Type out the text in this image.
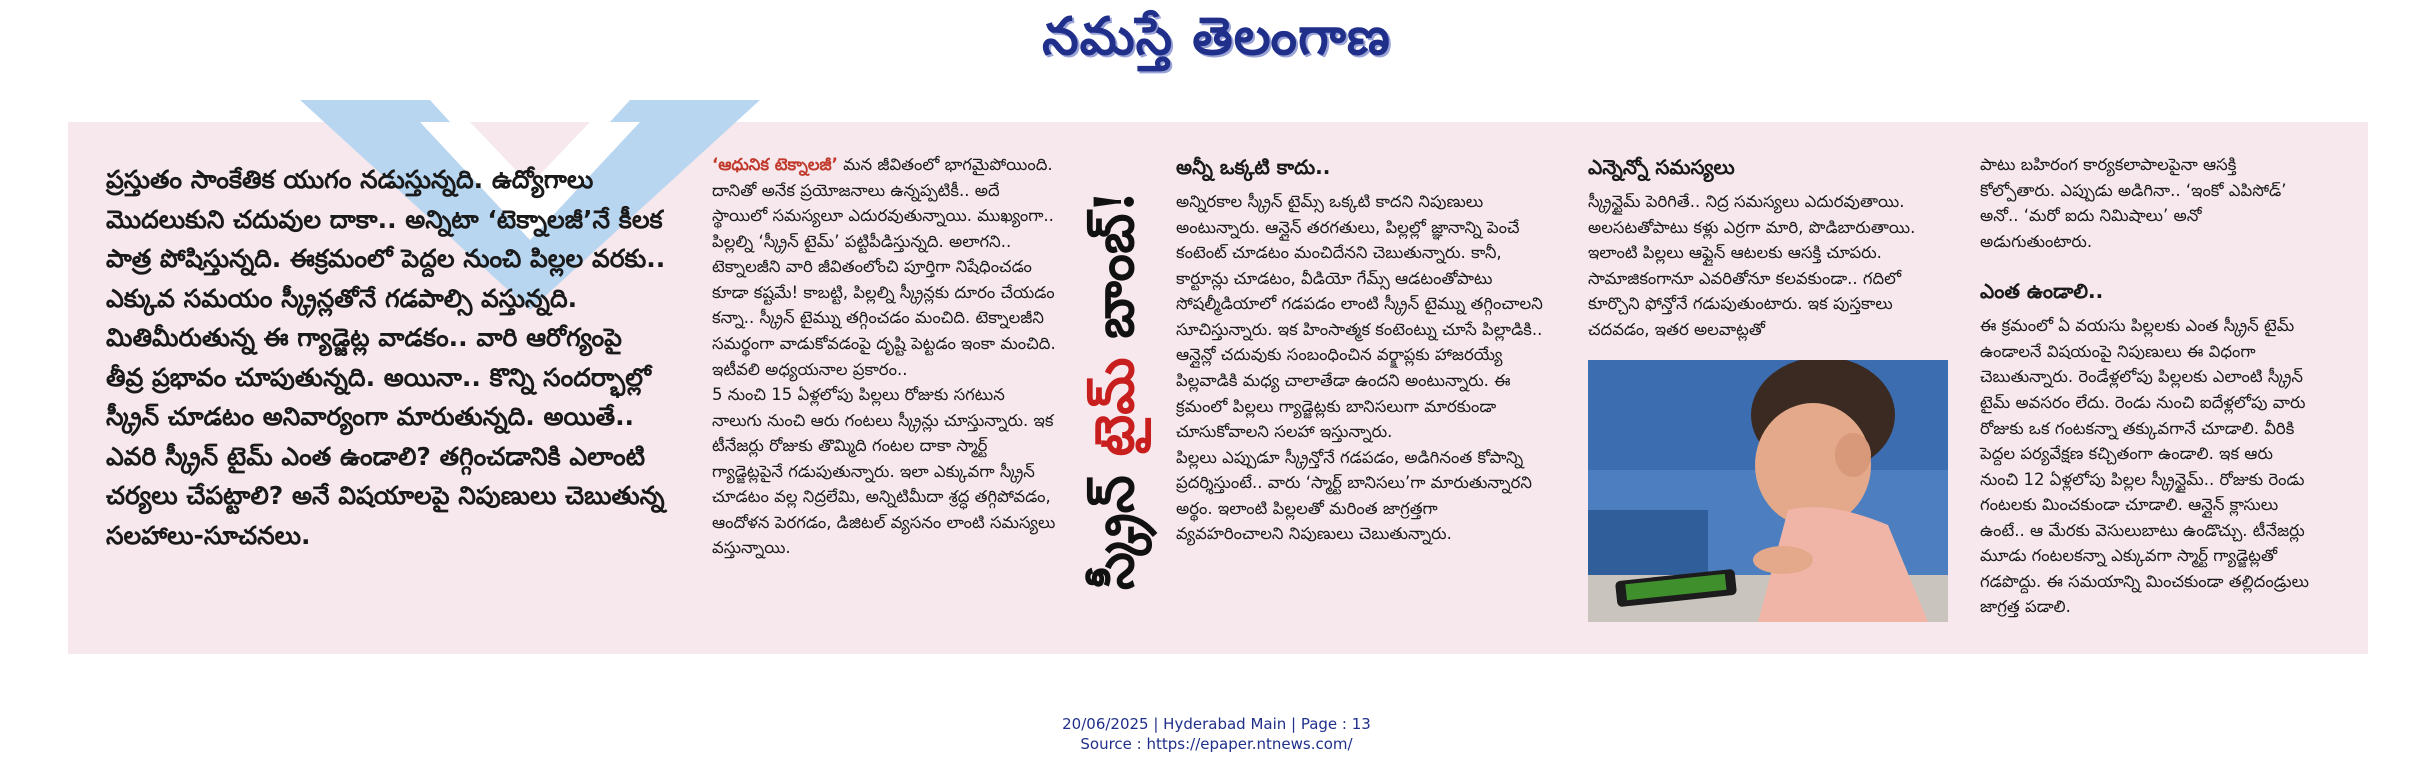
నమస్తే తెలంగాణ
ప్రస్తుతం సాంకేతిక యుగం నడుస్తున్నది. ఉద్యోగాలు మొదలుకుని చదువుల దాకా.. అన్నిటా ‘టెక్నాలజీ’నే కీలక పాత్ర పోషిస్తున్నది. ఈక్రమంలో పెద్దల నుంచి పిల్లల వరకు.. ఎక్కువ సమయం స్క్రీన్లతోనే గడపాల్సి వస్తున్నది. మితిమీరుతున్న ఈ గ్యాడ్జెట్ల వాడకం.. వారి ఆరోగ్యంపై తీవ్ర ప్రభావం చూపుతున్నది. అయినా.. కొన్ని సందర్భాల్లో స్క్రీన్ చూడటం అనివార్యంగా మారుతున్నది. అయితే.. ఎవరి స్క్రీన్ టైమ్ ఎంత ఉండాలి? తగ్గించడానికి ఎలాంటి చర్యలు చేపట్టాలి? అనే విషయాలపై నిపుణులు చెబుతున్న సలహాలు-సూచనలు.

‘ఆధునిక టెక్నాలజీ’ మన జీవితంలో భాగమైపోయింది. దానితో అనేక ప్రయోజనాలు ఉన్నప్పటికీ.. అదే స్థాయిలో సమస్యలూ ఎదురవుతున్నాయి. ముఖ్యంగా.. పిల్లల్ని ‘స్క్రీన్ టైమ్’ పట్టిపీడిస్తున్నది. అలాగని.. టెక్నాలజీని వారి జీవితంలోంచి పూర్తిగా నిషేధించడం కూడా కష్టమే! కాబట్టి, పిల్లల్ని స్క్రీన్లకు దూరం చేయడం కన్నా.. స్క్రీన్ టైమ్ను తగ్గించడం మంచిది. టెక్నాలజీని సమర్థంగా వాడుకోవడంపై దృష్టి పెట్టడం ఇంకా మంచిది. ఇటీవలి అధ్యయనాల ప్రకారం..

5 నుంచి 15 ఏళ్లలోపు పిల్లలు రోజుకు సగటున నాలుగు నుంచి ఆరు గంటలు స్క్రీన్లు చూస్తున్నారు. ఇక టీనేజర్లు రోజుకు తొమ్మిది గంటల దాకా స్మార్ట్ గ్యాడ్జెట్లపైనే గడుపుతున్నారు. ఇలా ఎక్కువగా స్క్రీన్ చూడటం వల్ల నిద్రలేమి, అన్నిటిమీదా శ్రద్ధ తగ్గిపోవడం, ఆందోళన పెరగడం, డిజిటల్ వ్యసనం లాంటి సమస్యలు వస్తున్నాయి.	స్క్రీన్ టైమ్ బాంబ్!
అన్నీ ఒక్కటి కాదు..

అన్నిరకాల స్క్రీన్ టైమ్స్ ఒక్కటి కాదని నిపుణులు అంటున్నారు. ఆన్లైన్ తరగతులు, పిల్లల్లో జ్ఞానాన్ని పెంచే కంటెంట్ చూడటం మంచిదేనని చెబుతున్నారు. కానీ, కార్టూన్లు చూడటం, వీడియో గేమ్స్ ఆడటంతోపాటు సోషల్మీడియాలో గడపడం లాంటి స్క్రీన్ టైమ్ను తగ్గించాలని సూచిస్తున్నారు. ఇక హింసాత్మక కంటెంట్ను చూసే పిల్లాడికి.. ఆన్లైన్లో చదువుకు సంబంధించిన వర్క్షాప్లకు హాజరయ్యే పిల్లవాడికి మధ్య చాలాతేడా ఉందని అంటున్నారు. ఈ క్రమంలో పిల్లలు గ్యాడ్జెట్లకు బానిసలుగా మారకుండా చూసుకోవాలని సలహా ఇస్తున్నారు.

పిల్లలు ఎప్పుడూ స్క్రీన్తోనే గడపడం, అడిగినంత కోపాన్ని ప్రదర్శిస్తుంటే.. వారు ‘స్మార్ట్ బానిసలు’గా మారుతున్నారని అర్థం. ఇలాంటి పిల్లలతో మరింత జాగ్రత్తగా వ్యవహరించాలని నిపుణులు చెబుతున్నారు.

ఎన్నెన్నో సమస్యలు

స్క్రీన్టైమ్ పెరిగితే.. నిద్ర సమస్యలు ఎదురవుతాయి. అలసటతోపాటు కళ్లు ఎర్రగా మారి, పొడిబారుతాయి. ఇలాంటి పిల్లలు ఆఫ్లైన్ ఆటలకు ఆసక్తి చూపరు. సామాజికంగానూ ఎవరితోనూ కలవకుండా.. గదిలో కూర్చొని ఫోన్తోనే గడుపుతుంటారు. ఇక పుస్తకాలు చదవడం, ఇతర అలవాట్లతో

పాటు బహిరంగ కార్యకలాపాలపైనా ఆసక్తి కోల్పోతారు. ఎప్పుడు అడిగినా.. ‘ఇంకో ఎపిసోడ్’ అనో.. ‘మరో ఐదు నిమిషాలు’ అనో అడుగుతుంటారు.

ఎంత ఉండాలి..

ఈ క్రమంలో ఏ వయసు పిల్లలకు ఎంత స్క్రీన్ టైమ్ ఉండాలనే విషయంపై నిపుణులు ఈ విధంగా చెబుతున్నారు. రెండేళ్లలోపు పిల్లలకు ఎలాంటి స్క్రీన్ టైమ్ అవసరం లేదు. రెండు నుంచి ఐదేళ్లలోపు వారు రోజుకు ఒక గంటకన్నా తక్కువగానే చూడాలి. వీరికి పెద్దల పర్యవేక్షణ కచ్చితంగా ఉండాలి. ఇక ఆరు నుంచి 12 ఏళ్లలోపు పిల్లల స్క్రీన్టైమ్.. రోజుకు రెండు గంటలకు మించకుండా చూడాలి. ఆన్లైన్ క్లాసులు ఉంటే.. ఆ మేరకు వెసులుబాటు ఉండొచ్చు. టీనేజర్లు మూడు గంటలకన్నా ఎక్కువగా స్మార్ట్ గ్యాడ్జెట్లతో గడపొద్దు. ఈ సమయాన్ని మించకుండా తల్లిదండ్రులు జాగ్రత్త పడాలి.

20/06/2025 | Hyderabad Main | Page : 13
Source : https://epaper.ntnews.com/
